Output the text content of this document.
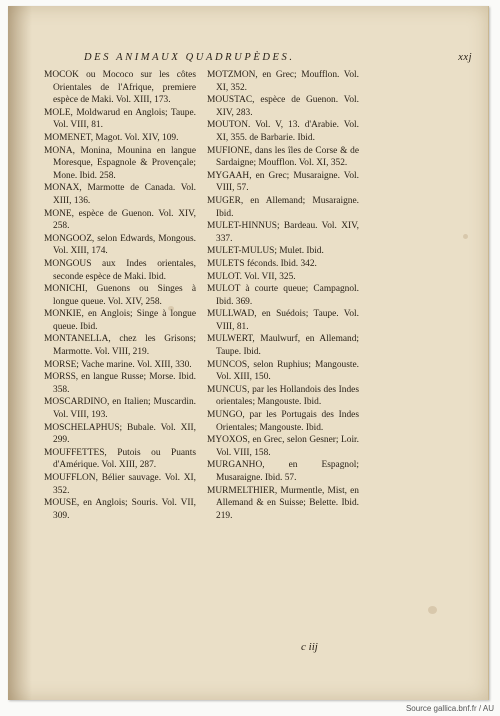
DES ANIMAUX QUADRUPÈDES.	xxj

MOCOK ou Mococo sur les côtes Orientales de l'Afrique, premiere espèce de Maki. Vol. XIII, 173.

MOLE, Moldwarud en Anglois; Taupe. Vol. VIII, 81.

MOMENET, Magot. Vol. XIV, 109.

MONA, Monina, Mounina en langue Moresque, Espagnole & Provençale; Mone. Ibid. 258.

MONAX, Marmotte de Canada. Vol. XIII, 136.

MONE, espèce de Guenon. Vol. XIV, 258.

MONGOOZ, selon Edwards, Mongous. Vol. XIII, 174.

MONGOUS aux Indes orientales, seconde espèce de Maki. Ibid.

MONICHI, Guenons ou Singes à longue queue. Vol. XIV, 258.

MONKIE, en Anglois; Singe à longue queue. Ibid.

MONTANELLA, chez les Grisons; Marmotte. Vol. VIII, 219.

MORSE; Vache marine. Vol. XIII, 330.

MORSS, en langue Russe; Morse. Ibid. 358.

MOSCARDINO, en Italien; Muscardin. Vol. VIII, 193.

MOSCHELAPHUS; Bubale. Vol. XII, 299.

MOUFFETTES, Putois ou Puants d'Amérique. Vol. XIII, 287.

MOUFFLON, Bélier sauvage. Vol. XI, 352.

MOUSE, en Anglois; Souris. Vol. VII, 309.

MOTZMON, en Grec; Moufflon. Vol. XI, 352.

MOUSTAC, espèce de Guenon. Vol. XIV, 283.

MOUTON. Vol. V, 13. d'Arabie. Vol. XI, 355. de Barbarie. Ibid.

MUFIONE, dans les îles de Corse & de Sardaigne; Moufflon. Vol. XI, 352.

MYGAAH, en Grec; Musaraigne. Vol. VIII, 57.

MUGER, en Allemand; Musaraigne. Ibid.

MULET-HINNUS; Bardeau. Vol. XIV, 337.

MULET-MULUS; Mulet. Ibid.

MULETS féconds. Ibid. 342.

MULOT. Vol. VII, 325.

MULOT à courte queue; Campagnol. Ibid. 369.

MULLWAD, en Suédois; Taupe. Vol. VIII, 81.

MULWERT, Maulwurf, en Allemand; Taupe. Ibid.

MUNCOS, selon Ruphius; Mangouste. Vol. XIII, 150.

MUNCUS, par les Hollandois des Indes orientales; Mangouste. Ibid.

MUNGO, par les Portugais des Indes Orientales; Mangouste. Ibid.

MYOXOS, en Grec, selon Gesner; Loir. Vol. VIII, 158.

MURGANHO, en Espagnol; Musaraigne. Ibid. 57.

MURMELTHIER, Murmentle, Mist, en Allemand & en Suisse; Belette. Ibid. 219.

c iij
Source gallica.bnf.fr / AU
